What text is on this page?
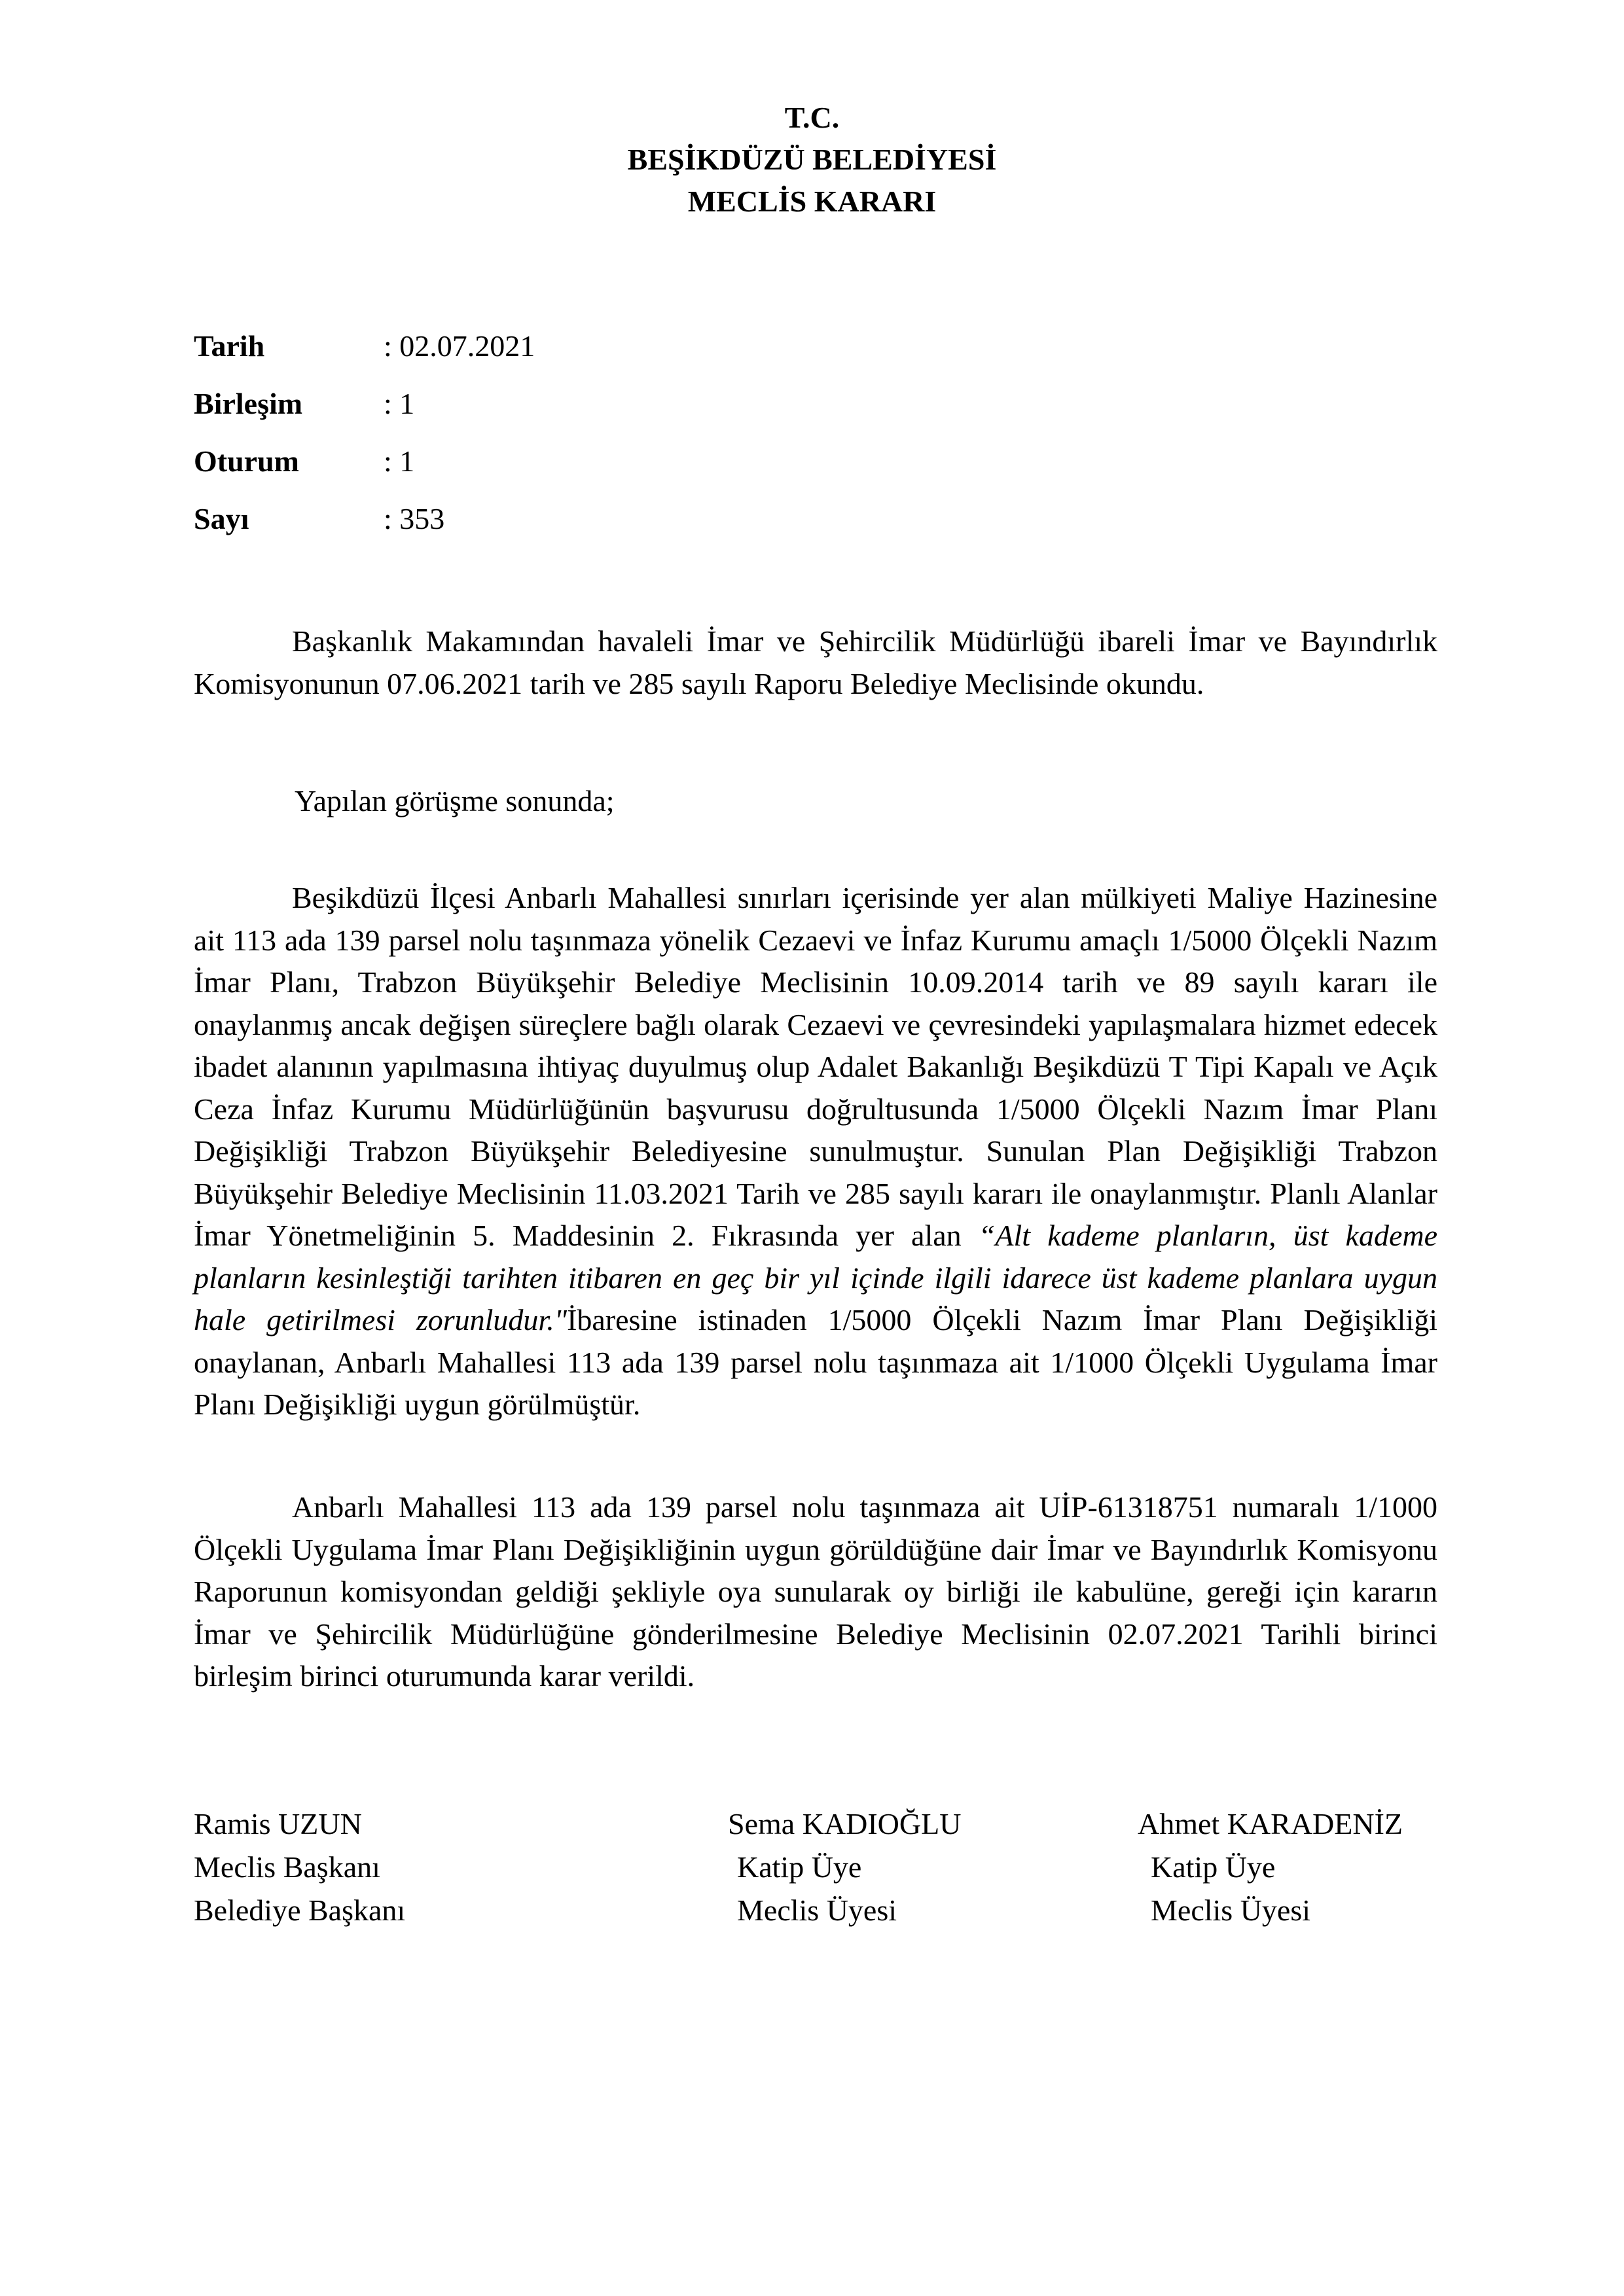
T.C.
BEŞİKDÜZÜ BELEDİYESİ
MECLİS KARARI
Tarih	: 02.07.2021
Birleşim	: 1
Oturum	: 1
Sayı	: 353
Başkanlık Makamından havaleli İmar ve Şehircilik Müdürlüğü ibareli İmar ve Bayındırlık Komisyonunun 07.06.2021 tarih ve 285 sayılı Raporu Belediye Meclisinde okundu.
Yapılan görüşme sonunda;
Beşikdüzü İlçesi Anbarlı Mahallesi sınırları içerisinde yer alan mülkiyeti Maliye Hazinesine ait 113 ada 139 parsel nolu taşınmaza yönelik Cezaevi ve İnfaz Kurumu amaçlı 1/5000 Ölçekli Nazım İmar Planı, Trabzon Büyükşehir Belediye Meclisinin 10.09.2014 tarih ve 89 sayılı kararı ile onaylanmış ancak değişen süreçlere bağlı olarak Cezaevi ve çevresindeki yapılaşmalara hizmet edecek ibadet alanının yapılmasına ihtiyaç duyulmuş olup Adalet Bakanlığı Beşikdüzü T Tipi Kapalı ve Açık Ceza İnfaz Kurumu Müdürlüğünün başvurusu doğrultusunda 1/5000 Ölçekli Nazım İmar Planı Değişikliği Trabzon Büyükşehir Belediyesine sunulmuştur. Sunulan Plan Değişikliği Trabzon Büyükşehir Belediye Meclisinin 11.03.2021 Tarih ve 285 sayılı kararı ile onaylanmıştır. Planlı Alanlar İmar Yönetmeliğinin 5. Maddesinin 2. Fıkrasında yer alan “Alt kademe planların, üst kademe planların kesinleştiği tarihten itibaren en geç bir yıl içinde ilgili idarece üst kademe planlara uygun hale getirilmesi zorunludur."İbaresine istinaden 1/5000 Ölçekli Nazım İmar Planı Değişikliği onaylanan, Anbarlı Mahallesi 113 ada 139 parsel nolu taşınmaza ait 1/1000 Ölçekli Uygulama İmar Planı Değişikliği uygun görülmüştür.
Anbarlı Mahallesi 113 ada 139 parsel nolu taşınmaza ait UİP-61318751 numaralı 1/1000 Ölçekli Uygulama İmar Planı Değişikliğinin uygun görüldüğüne dair İmar ve Bayındırlık Komisyonu Raporunun komisyondan geldiği şekliyle oya sunularak oy birliği ile kabulüne, gereği için kararın İmar ve Şehircilik Müdürlüğüne gönderilmesine Belediye Meclisinin 02.07.2021 Tarihli birinci birleşim birinci oturumunda karar verildi.
Ramis UZUN
Meclis Başkanı
Belediye Başkanı
Sema KADIOĞLU
Katip Üye
Meclis Üyesi
Ahmet KARADENİZ
Katip Üye
Meclis Üyesi
